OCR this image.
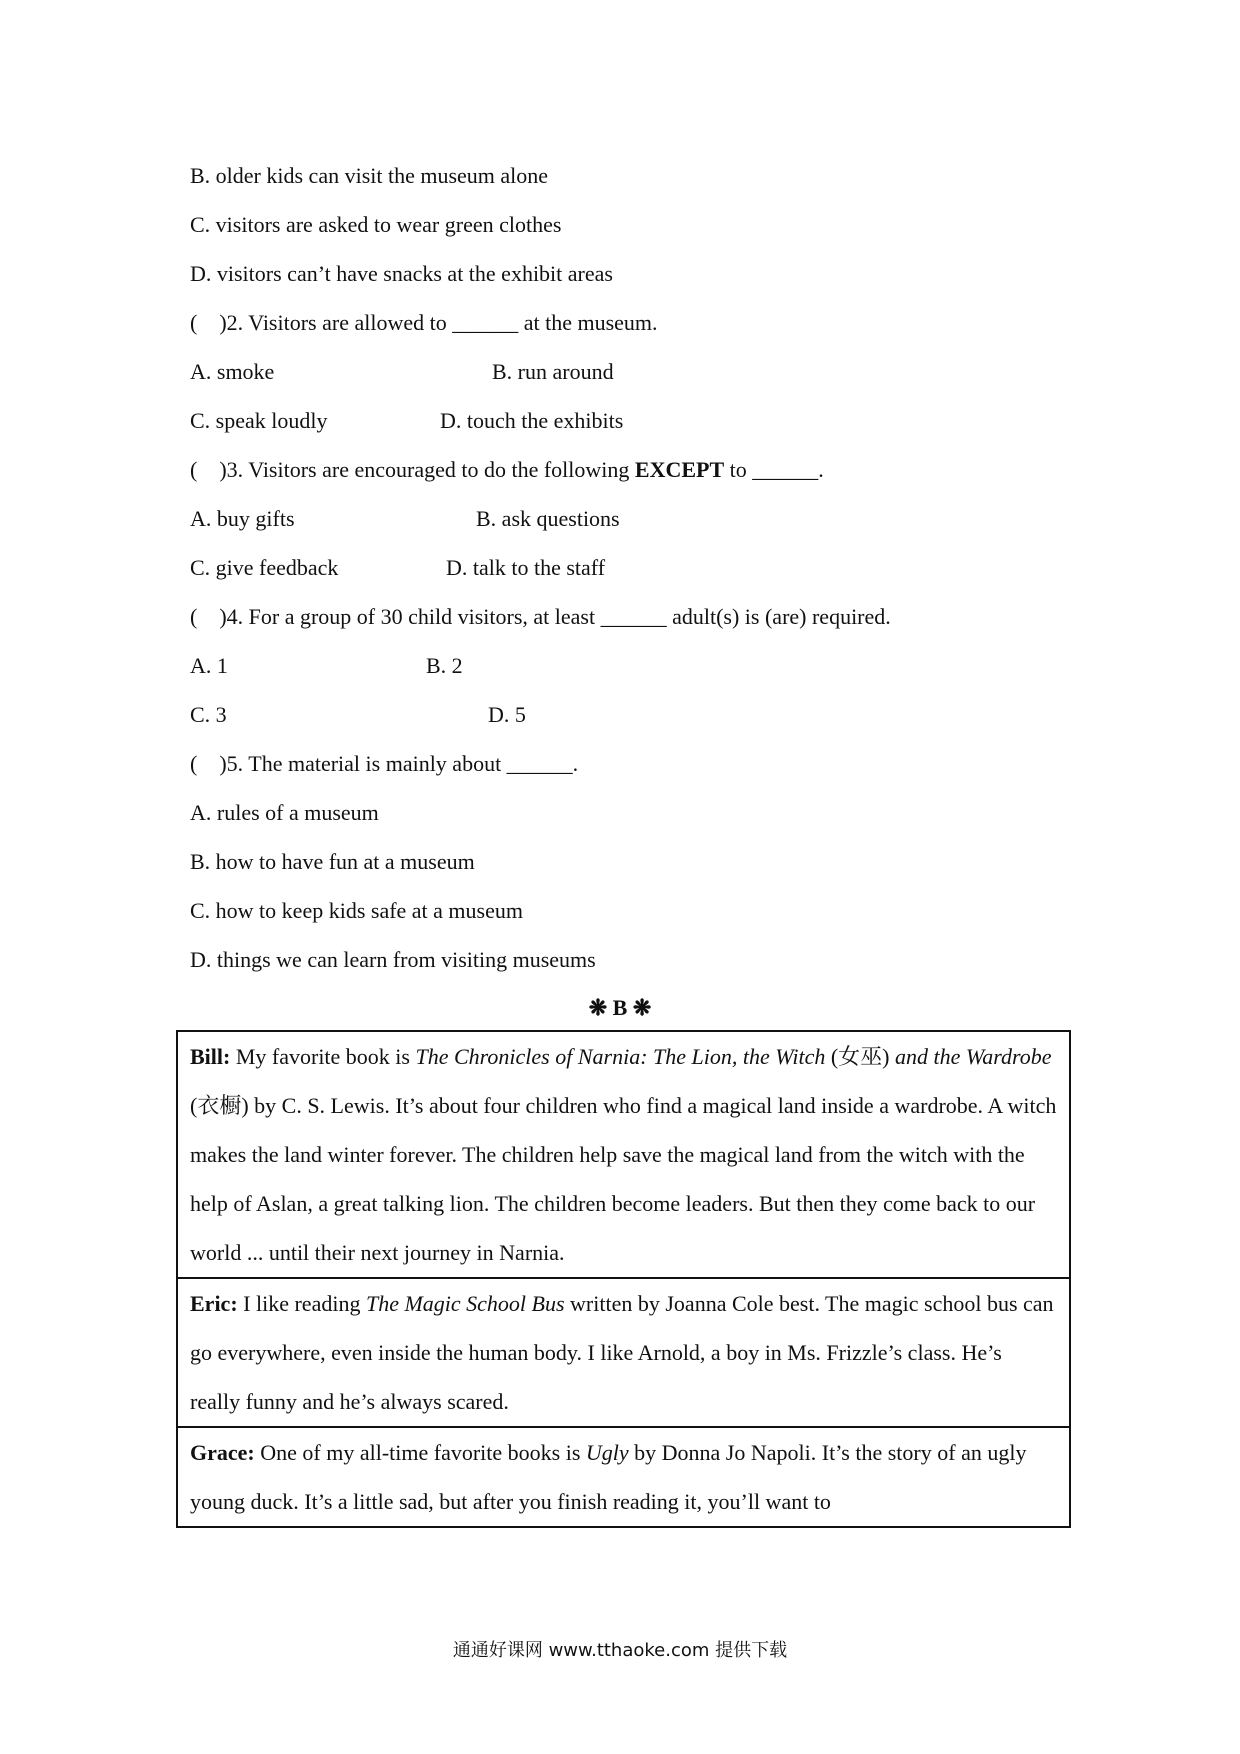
B. older kids can visit the museum alone
C. visitors are asked to wear green clothes
D. visitors can’t have snacks at the exhibit areas
(    )2. Visitors are allowed to ______ at the museum.
A. smoke	B. run around
C. speak loudly	D. touch the exhibits
(    )3. Visitors are encouraged to do the following EXCEPT to ______.
A. buy gifts	B. ask questions
C. give feedback	D. talk to the staff
(    )4. For a group of 30 child visitors, at least ______ adult(s) is (are) required.
A. 1	B. 2
C. 3	D. 5
(    )5. The material is mainly about ______.
A. rules of a museum
B. how to have fun at a museum
C. how to keep kids safe at a museum
D. things we can learn from visiting museums
❋ B ❋
Bill: My favorite book is The Chronicles of Narnia: The Lion, the Witch (女巫) and the Wardrobe (衣橱) by C. S. Lewis. It’s about four children who find a magical land inside a wardrobe. A witch makes the land winter forever. The children help save the magical land from the witch with the help of Aslan, a great talking lion. The children become leaders. But then they come back to our world ... until their next journey in Narnia.
Eric: I like reading The Magic School Bus written by Joanna Cole best. The magic school bus can go everywhere, even inside the human body. I like Arnold, a boy in Ms. Frizzle’s class. He’s really funny and he’s always scared.
Grace: One of my all-time favorite books is Ugly by Donna Jo Napoli. It’s the story of an ugly young duck. It’s a little sad, but after you finish reading it, you’ll want to
通通好课网 www.tthaoke.com 提供下载
